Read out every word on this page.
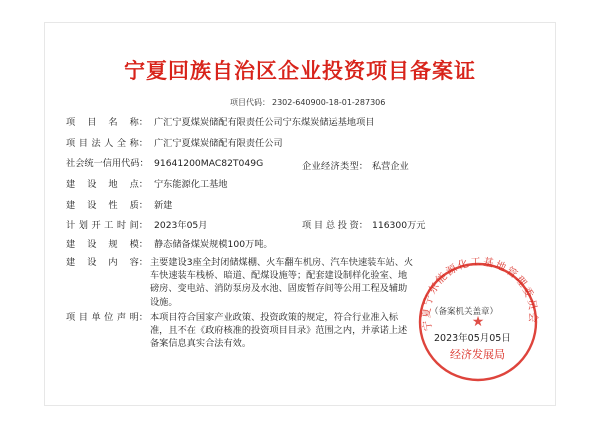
宁夏回族自治区企业投资项目备案证
项目代码： 2302-640900-18-01-287306
项 目 名 称： 广汇宁夏煤炭储配有限责任公司宁东煤炭储运基地项目
项 目 法 人 全 称： 广汇宁夏煤炭储配有限责任公司
社 会 统 一 信 用 代 码： 91641200MAC82T049G	企 业 经 济 类 型： 私营企业
建 设 地 点： 宁东能源化工基地
建 设 性 质： 新建
计 划 开 工 时 间： 2023年05月	项 目 总 投 资： 116300万元
建 设 规 模： 静态储备煤炭规模100万吨。
建 设 内 容： 主要建设3座全封闭储煤棚、火车翻车机房、汽车快速装车站、火车快速装车栈桥、暗道、配煤设施等；配套建设制样化验室、地磅房、变电站、消防泵房及水池、固废暂存间等公用工程及辅助设施。
项 目 单 位 声 明： 本项目符合国家产业政策、投资政策的规定，符合行业准入标准，且不在《政府核准的投资项目目录》范围之内，并承诺上述备案信息真实合法有效。
宁夏宁东能源化工基地管理委员会
★
（备案机关盖章）
2023年05月05日
经济发展局
